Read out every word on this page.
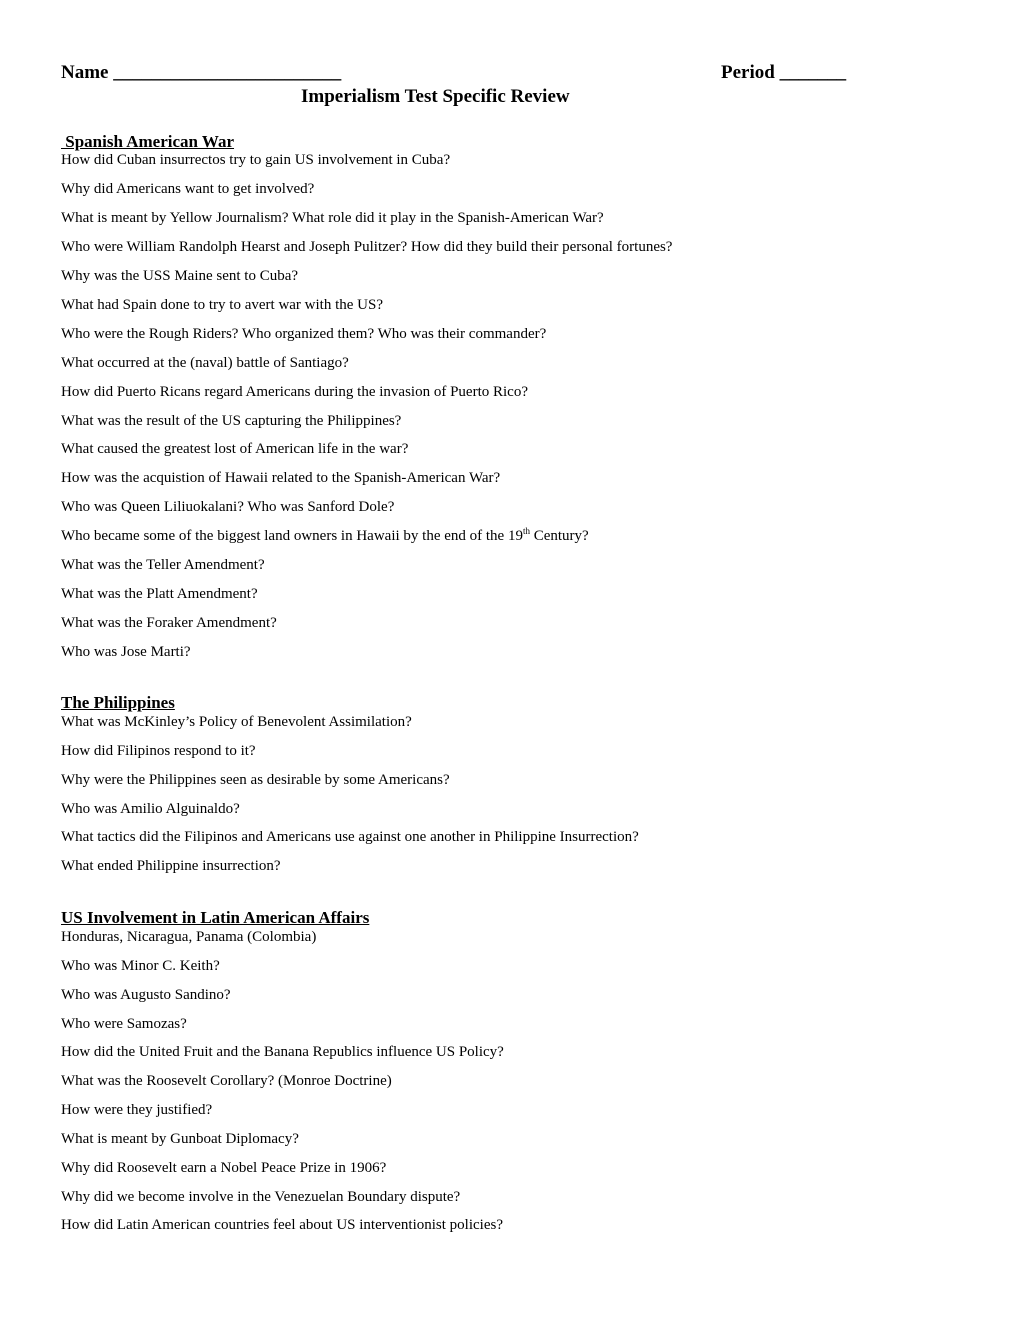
Name ________________________	Period _______
Imperialism Test Specific Review
Spanish American War
How did Cuban insurrectos try to gain US involvement in Cuba?
Why did Americans want to get involved?
What is meant by Yellow Journalism? What role did it play in the Spanish-American War?
Who were William Randolph Hearst and Joseph Pulitzer? How did they build their personal fortunes?
Why was the USS Maine sent to Cuba?
What had Spain done to try to avert war with the US?
Who were the Rough Riders? Who organized them? Who was their commander?
What occurred at the (naval) battle of Santiago?
How did Puerto Ricans regard Americans during the invasion of Puerto Rico?
What was the result of the US capturing the Philippines?
What caused the greatest lost of American life in the war?
How was the acquistion of Hawaii related to the Spanish-American War?
Who was Queen Liliuokalani? Who was Sanford Dole?
Who became some of the biggest land owners in Hawaii by the end of the 19th Century?
What was the Teller Amendment?
What was the Platt Amendment?
What was the Foraker Amendment?
Who was Jose Marti?
The Philippines
What was McKinley’s Policy of Benevolent Assimilation?
How did Filipinos respond to it?
Why were the Philippines seen as desirable by some Americans?
Who was Amilio Alguinaldo?
What tactics did the Filipinos and Americans use against one another in Philippine Insurrection?
What ended Philippine insurrection?
US Involvement in Latin American Affairs
Honduras, Nicaragua, Panama (Colombia)
Who was Minor C. Keith?
Who was Augusto Sandino?
Who were Samozas?
How did the United Fruit and the Banana Republics influence US Policy?
What was the Roosevelt Corollary? (Monroe Doctrine)
How were they justified?
What is meant by Gunboat Diplomacy?
Why did Roosevelt earn a Nobel Peace Prize in 1906?
Why did we become involve in the Venezuelan Boundary dispute?
How did Latin American countries feel about US interventionist policies?
